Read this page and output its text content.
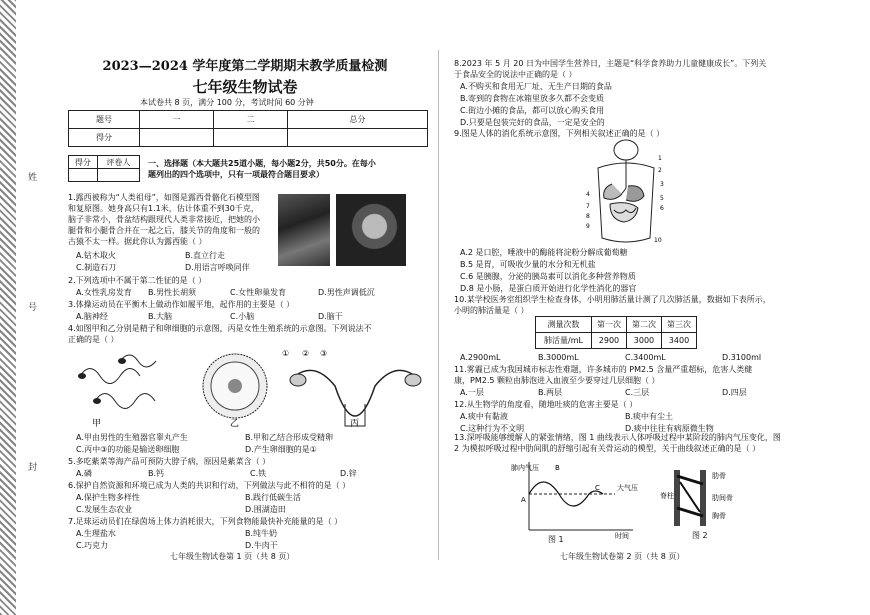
姓
号
封
2023—2024 学年度第二学期期末教学质量检测
七年级生物试卷
本试卷共 8 页，满分 100 分，考试时间 60 分钟
题号	一	二	总分
得分			
得分	评卷人
	一、选择题（本大题共25道小题，每小题2分，共50分。在每小
题列出的四个选项中，只有一项最符合题目要求）
1.露西被称为“人类祖母”，如图是露西骨骼化石模型图
和复原图。她身高只有1.1米，估计体重不到30千克，
脑子非常小，骨盆结构跟现代人类非常接近，把她的小
腿骨和小腿骨合并在一起之后，膝关节的角度和一般的
古猿不太一样。据此你认为露西能（ ）
A.钻木取火	B.直立行走
C.制造石刀	D.用语言呼唤同伴
2.下列选项中不属于第二性征的是（ ）
A.女性乳房发育 B.男性长胡须	C.女性卵巢发育	D.男性声调低沉
3.体操运动员在平衡木上做动作如履平地，起作用的主要是（ ）
A.脑神经	B.大脑	C.小脑	D.脑干
4.如图甲和乙分别是精子和卵细胞的示意图，丙是女性生殖系统的示意图。下列说法不
正确的是（ ）
甲	乙	丙
① ② ③
A.甲由男性的生殖器官睾丸产生	B.甲和乙结合形成受精卵
C.丙中③的功能是输送卵细胞	D.产生卵细胞的是①
5.多吃紫菜等海产品可预防大脖子病，原因是紫菜含（ ）
A.磷	B.钙	C.铁	D.锌
6.保护自然资源和环境已成为人类的共识和行动，下列做法与此不相符的是（ ）
A.保护生物多样性	B.践行低碳生活
C.发展生态农业	D.围湖造田
7.足球运动员们在绿茵场上体力消耗很大，下列食物能最快补充能量的是（ ）
A.生理盐水	B.纯牛奶
C.巧克力	D.牛肉干
七年级生物试卷第 1 页（共 8 页）
8.2023 年 5 月 20 日为中国学生营养日，主题是“科学食养助力儿童健康成长”。下列关
于食品安全的说法中正确的是（ ）
A.不购买和食用无厂址、无生产日期的食品
B.寄到的食物在冰箱里放多久都不会变质
C.街边小摊的食品，都可以放心购买食用
D.只要是包装完好的食品，一定是安全的
9.图是人体的消化系统示意图，下列相关叙述正确的是（ ）
1
2
3
4
5
6
7
8
9
10
A.2 是口腔，唾液中的酶能将淀粉分解成葡萄糖
B.5 是胃，可吸收少量的水分和无机盐
C.6 是胰腺，分泌的胰岛素可以消化多种营养物质
D.8 是小肠，是蛋白质开始进行化学性消化的器官
10.某学校医务室组织学生检查身体，小明用肺活量计测了几次肺活量，数据如下表所示，
小明的肺活量是（ ）
测量次数	第一次	第二次	第三次
肺活量/mL	2900	3000	3400
A.2900mL	B.3000mL	C.3400mL	D.3100ml
11.雾霾已成为我国城市标志性难题，许多城市的 PM2.5 含量严重超标，危害人类健
康，PM2.5 颗粒由肺泡进入血液至少要穿过几层细胞（ ）
A.一层	B.两层	C.三层	D.四层
12.从生物学的角度看，随地吐痰的危害主要是（ ）
A.痰中有黏液	B.痰中有尘土
C.这种行为不文明	D.痰中往往有病原微生物
13.深呼吸能够缓解人的紧张情绪，图 1 曲线表示人体呼吸过程中某阶段的肺内气压变化，图
2 为模拟呼吸过程中肋间肌的舒缩引起有关骨运动的模型，关于曲线叙述正确的是（ ）
肺内气压
时间
大气压
A
B
C
图 1
肋骨
肋间骨
胸骨
脊柱
图 2
七年级生物试卷第 2 页（共 8 页）
